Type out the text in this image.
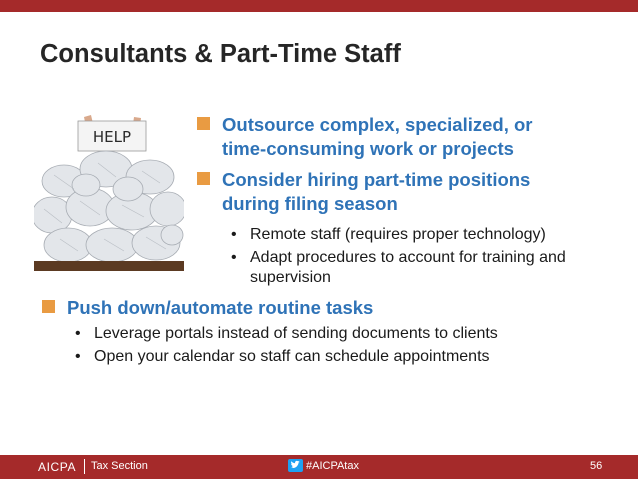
Consultants & Part-Time Staff
HELP
Outsource complex, specialized, or
time-consuming work or projects
Consider hiring part-time positions
during filing season
• Remote staff (requires proper technology)
• Adapt procedures to account for training and
supervision
Push down/automate routine tasks
• Leverage portals instead of sending documents to clients
• Open your calendar so staff can schedule appointments
AICPA Tax Section	#AICPAtax	56
